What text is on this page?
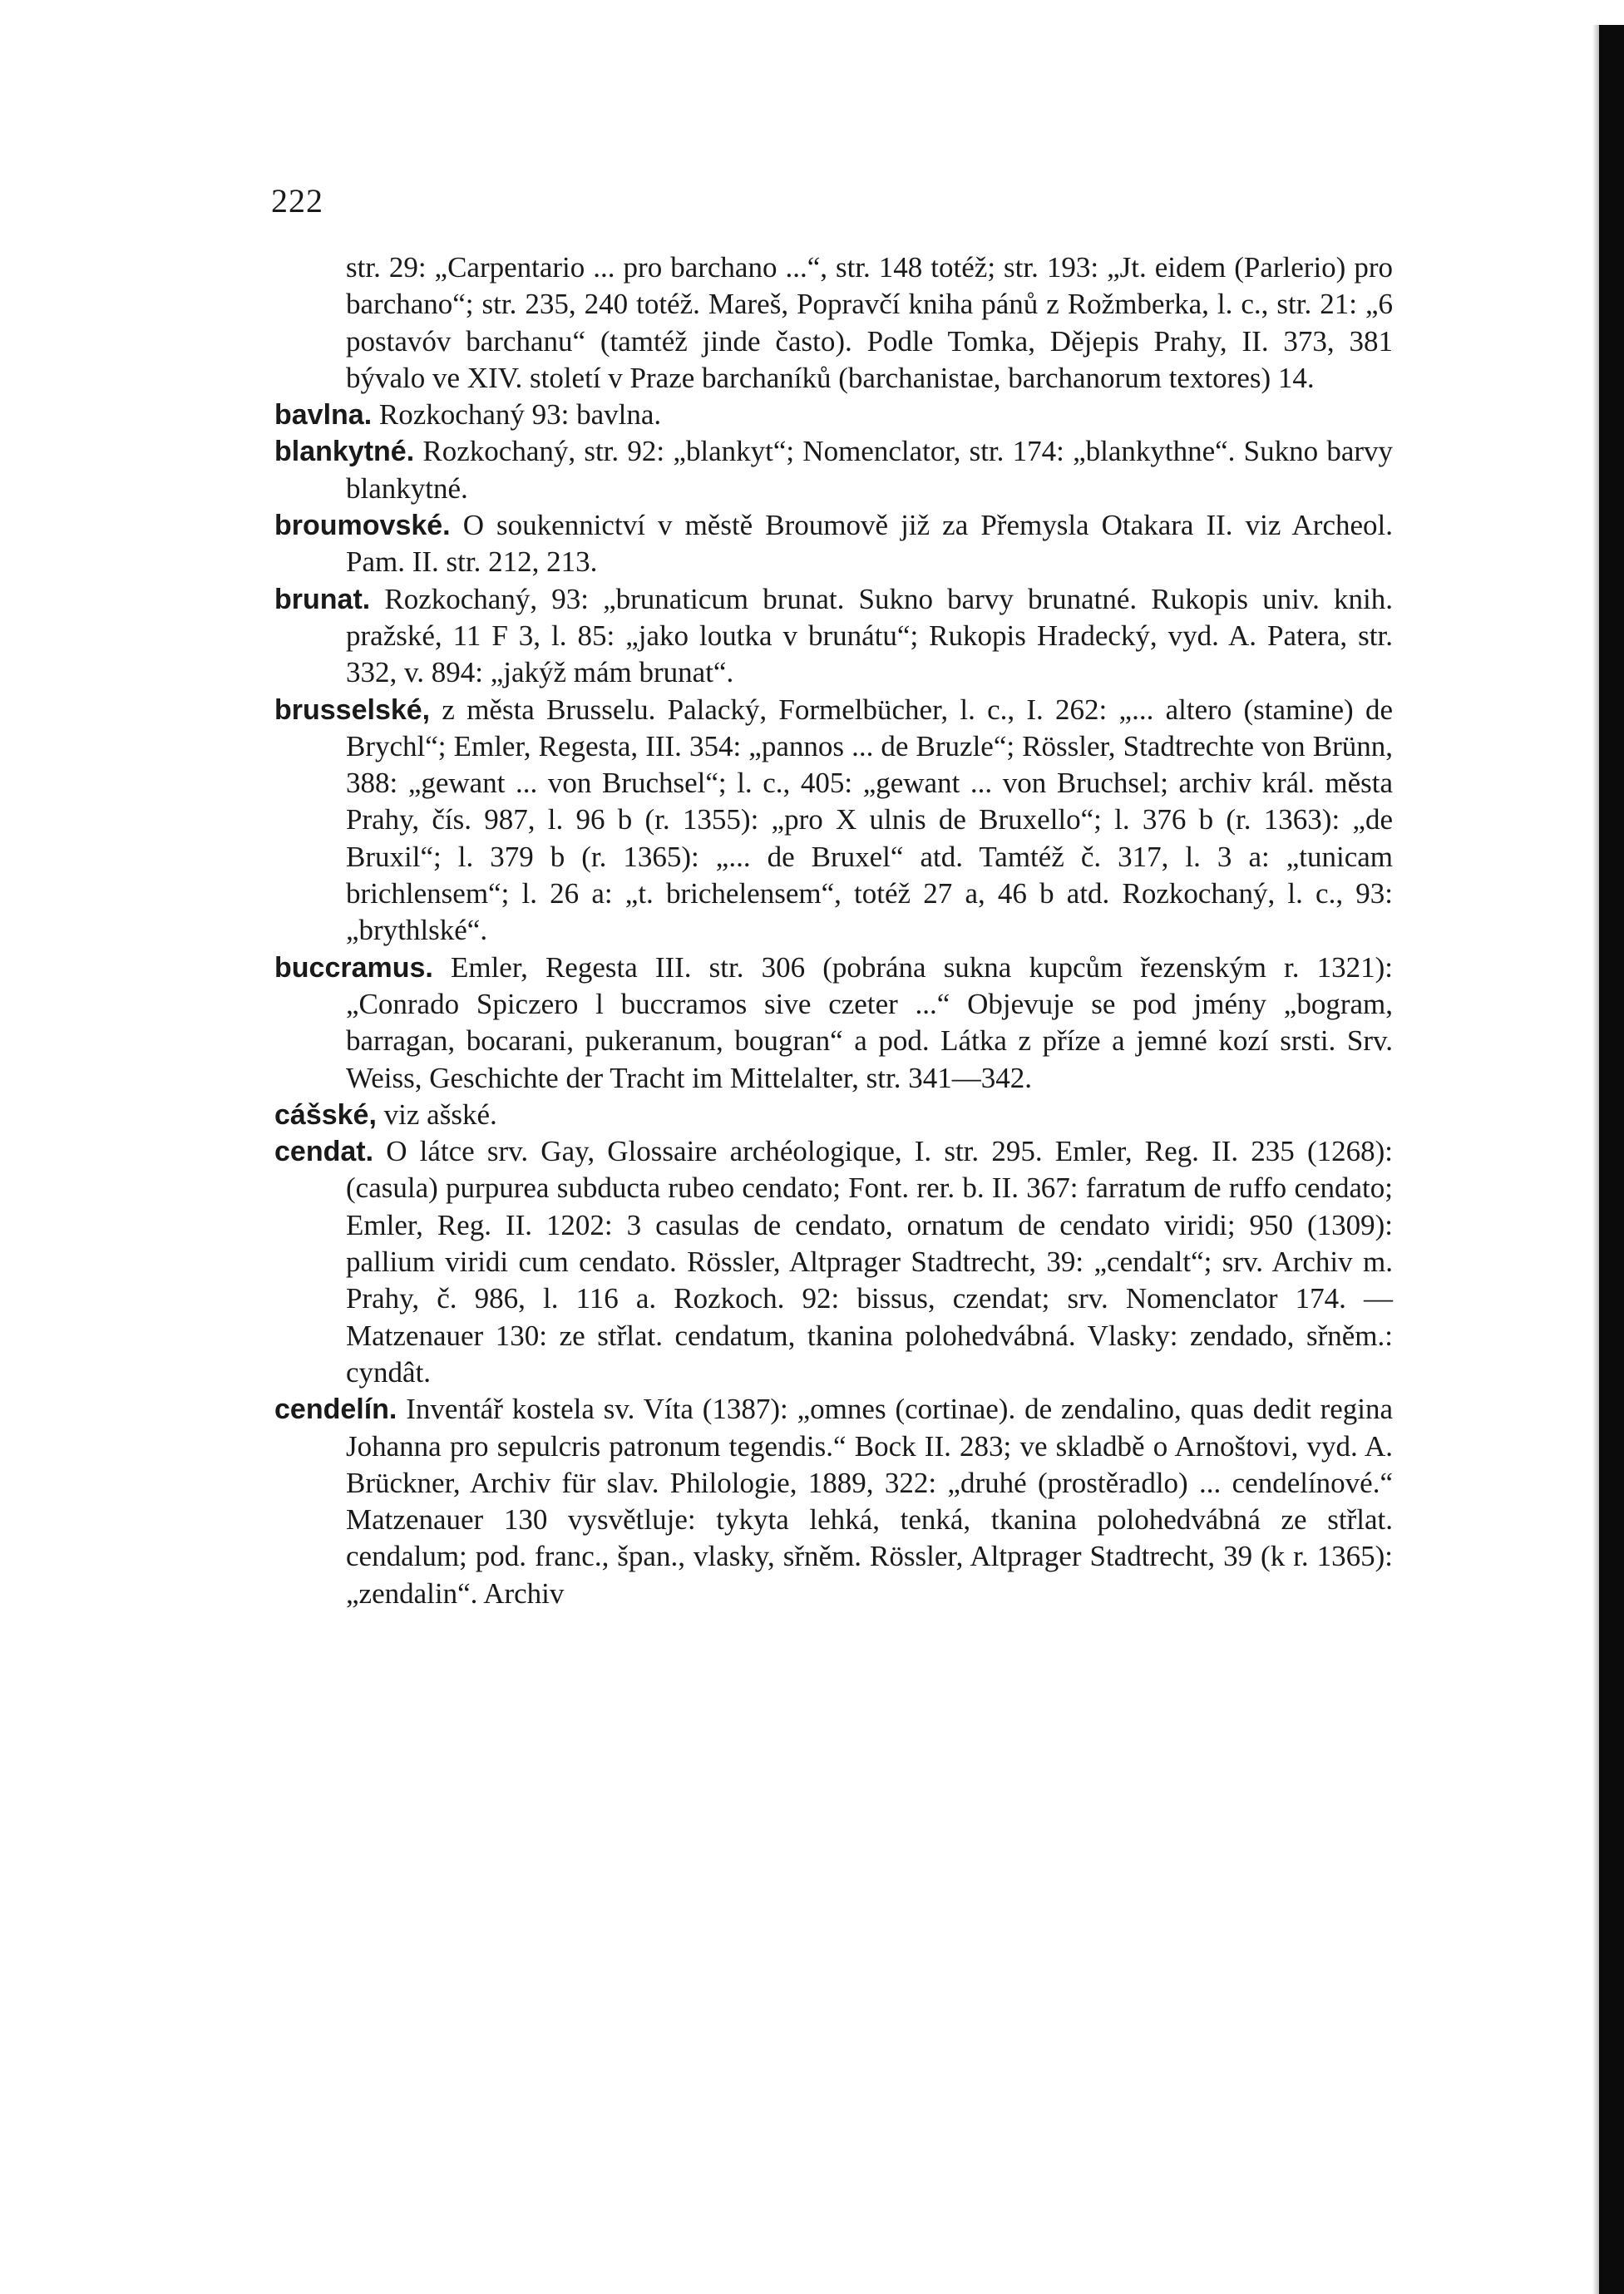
222

str. 29: „Carpentario ... pro barchano ...“, str. 148 totéž; str. 193: „Jt. eidem (Parlerio) pro barchano“; str. 235, 240 totéž. Mareš, Popravčí kniha pánů z Rožmberka, l. c., str. 21: „6 postavóv barchanu“ (tamtéž jinde často). Podle Tomka, Dějepis Prahy, II. 373, 381 bývalo ve XIV. století v Praze barchaníků (barchanistae, barchanorum textores) 14.

bavlna. Rozkochaný 93: bavlna.

blankytné. Rozkochaný, str. 92: „blankyt“; Nomenclator, str. 174: „blankythne“. Sukno barvy blankytné.

broumovské. O soukennictví v městě Broumově již za Přemysla Otakara II. viz Archeol. Pam. II. str. 212, 213.

brunat. Rozkochaný, 93: „brunaticum brunat. Sukno barvy brunatné. Rukopis univ. knih. pražské, 11 F 3, l. 85: „jako loutka v brunátu“; Rukopis Hradecký, vyd. A. Patera, str. 332, v. 894: „jakýž mám brunat“.

brusselské, z města Brusselu. Palacký, Formelbücher, l. c., I. 262: „... altero (stamine) de Brychl“; Emler, Regesta, III. 354: „pannos ... de Bruzle“; Rössler, Stadtrechte von Brünn, 388: „gewant ... von Bruchsel“; l. c., 405: „gewant ... von Bruchsel; archiv král. města Prahy, čís. 987, l. 96 b (r. 1355): „pro X ulnis de Bruxello“; l. 376 b (r. 1363): „de Bruxil“; l. 379 b (r. 1365): „... de Bruxel“ atd. Tamtéž č. 317, l. 3 a: „tunicam brichlensem“; l. 26 a: „t. brichelensem“, totéž 27 a, 46 b atd. Rozkochaný, l. c., 93: „brythlské“.

buccramus. Emler, Regesta III. str. 306 (pobrána sukna kupcům řezenským r. 1321): „Conrado Spiczero l buccramos sive czeter ...“ Objevuje se pod jmény „bogram, barragan, bocarani, pukeranum, bougran“ a pod. Látka z příze a jemné kozí srsti. Srv. Weiss, Geschichte der Tracht im Mittelalter, str. 341—342.

cášské, viz ašské.

cendat. O látce srv. Gay, Glossaire archéologique, I. str. 295. Emler, Reg. II. 235 (1268): (casula) purpurea subducta rubeo cendato; Font. rer. b. II. 367: farratum de ruffo cendato; Emler, Reg. II. 1202: 3 casulas de cendato, ornatum de cendato viridi; 950 (1309): pallium viridi cum cendato. Rössler, Altprager Stadtrecht, 39: „cendalt“; srv. Archiv m. Prahy, č. 986, l. 116 a. Rozkoch. 92: bissus, czendat; srv. Nomenclator 174. — Matzenauer 130: ze střlat. cendatum, tkanina polohedvábná. Vlasky: zendado, sřněm.: cyndât.

cendelín. Inventář kostela sv. Víta (1387): „omnes (cortinae). de zendalino, quas dedit regina Johanna pro sepulcris patronum tegendis.“ Bock II. 283; ve skladbě o Arnoštovi, vyd. A. Brückner, Archiv für slav. Philologie, 1889, 322: „druhé (prostěradlo) ... cendelínové.“ Matzenauer 130 vysvětluje: tykyta lehká, tenká, tkanina polohedvábná ze střlat. cendalum; pod. franc., špan., vlasky, sřněm. Rössler, Altprager Stadtrecht, 39 (k r. 1365): „zendalin“. Archiv
